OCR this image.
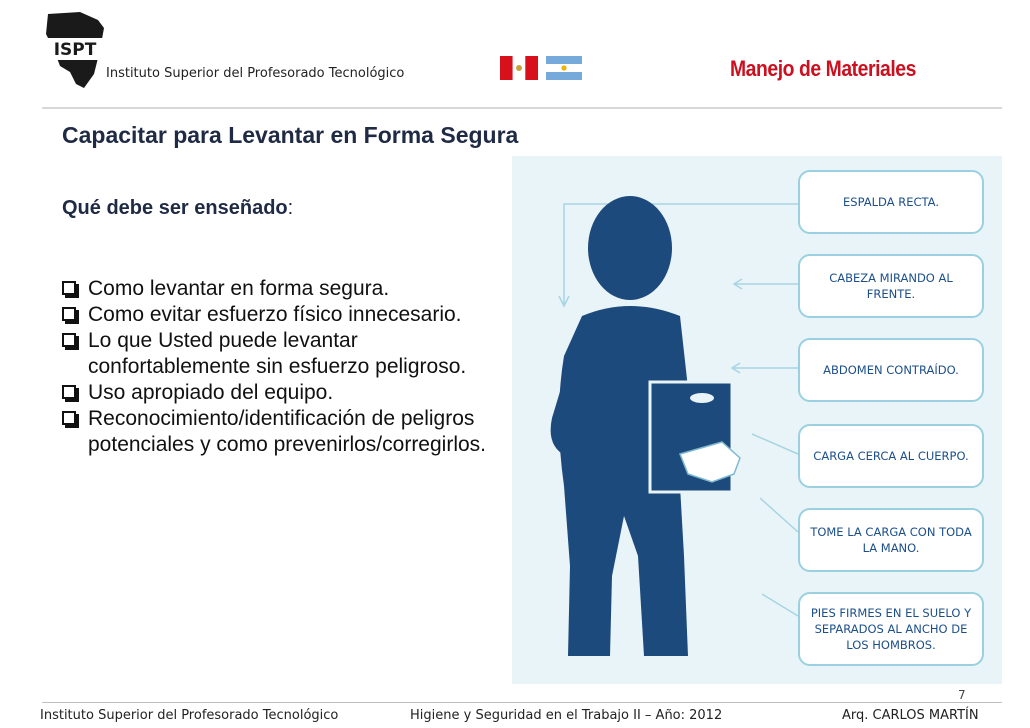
ISPT
Instituto Superior del Profesorado Tecnológico	Manejo de Materiales
Capacitar para Levantar en Forma Segura
Qué debe ser enseñado:
Como levantar en forma segura.
Como evitar esfuerzo físico innecesario.
Lo que Usted puede levantar confortablemente sin esfuerzo peligroso.
Uso apropiado del equipo.
Reconocimiento/identificación de peligros potenciales y como prevenirlos/corregirlos.
ESPALDA RECTA.
CABEZA MIRANDO AL FRENTE.
ABDOMEN CONTRAÍDO.
CARGA CERCA AL CUERPO.
TOME LA CARGA CON TODA LA MANO.
PIES FIRMES EN EL SUELO Y SEPARADOS AL ANCHO DE LOS HOMBROS.
7
Instituto Superior del Profesorado Tecnológico	Higiene y Seguridad en el Trabajo II – Año: 2012	Arq. CARLOS MARTÍN
